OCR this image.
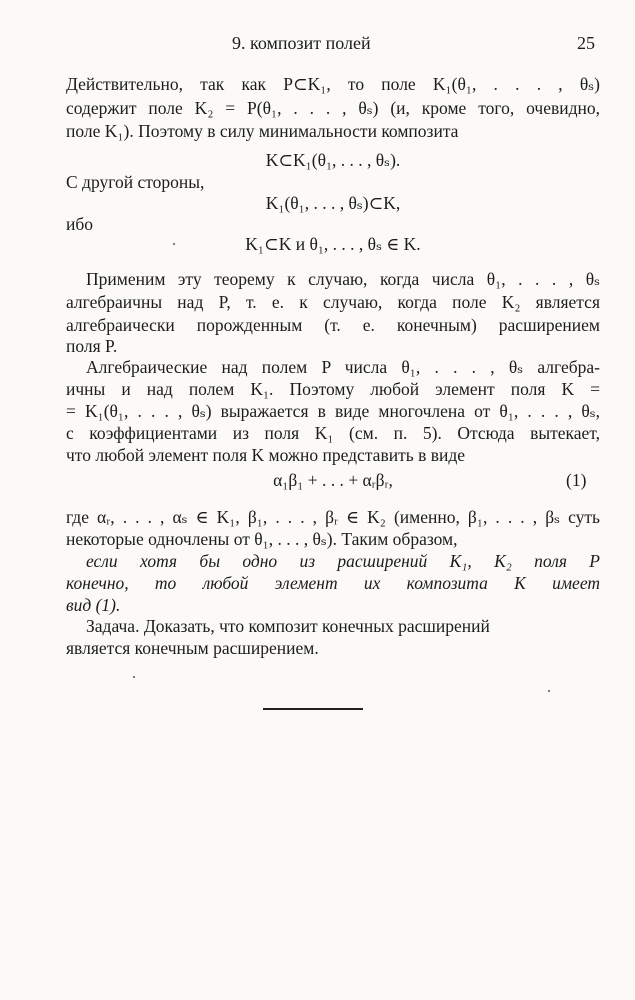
9. композит полей	25

Действительно, так как P⊂K₁, то поле K₁(θ₁, . . . , θₛ)

содержит поле K₂ = P(θ₁, . . . , θₛ) (и, кроме того, очевидно,

поле K₁). Поэтому в силу минимальности композита

K⊂K₁(θ₁, . . . , θₛ).

С другой стороны,

K₁(θ₁, . . . , θₛ)⊂K,

ибо

K₁⊂K и θ₁, . . . , θₛ ∈ K.

Применим эту теорему к случаю, когда числа θ₁, . . . , θₛ

алгебраичны над P, т. е. к случаю, когда поле K₂ является

алгебраически порожденным (т. е. конечным) расширением

поля P.

Алгебраические над полем P числа θ₁, . . . , θₛ алгебра-

ичны и над полем K₁. Поэтому любой элемент поля K =

= K₁(θ₁, . . . , θₛ) выражается в виде многочлена от θ₁, . . . , θₛ,

с коэффициентами из поля K₁ (см. п. 5). Отсюда вытекает,

что любой элемент поля K можно представить в виде

α₁β₁ + . . . + αᵣβᵣ,	(1)

где αᵣ, . . . , αₛ ∈ K₁, β₁, . . . , βᵣ ∈ K₂ (именно, β₁, . . . , βₛ суть

некоторые одночлены от θ₁, . . . , θₛ). Таким образом,

если хотя бы одно из расширений K₁, K₂ поля P

конечно, то любой элемент их композита K имеет

вид (1).

Задача. Доказать, что композит конечных расширений

является конечным расширением.
